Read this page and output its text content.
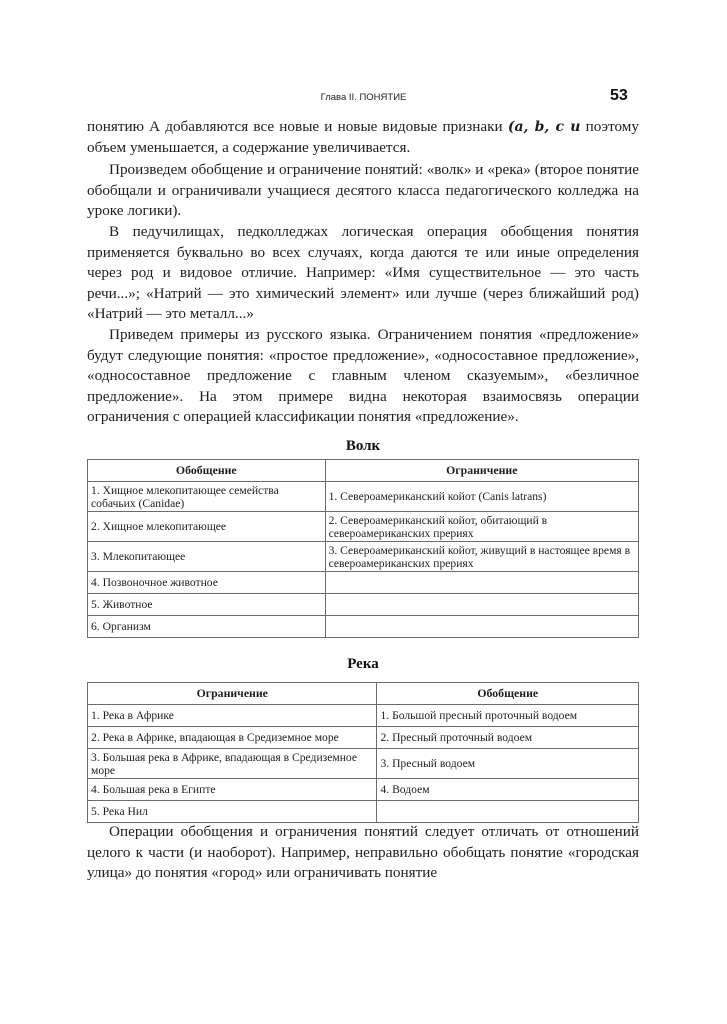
Глава II. ПОНЯТИЕ	53

понятию А добавляются все новые и новые видовые признаки (a, b, c и поэтому объем уменьшается, а содержание увеличивается.

Произведем обобщение и ограничение понятий: «волк» и «река» (второе понятие обобщали и ограничивали учащиеся десятого класса педагогического колледжа на уроке логики).

В педучилищах, педколледжах логическая операция обобщения понятия применяется буквально во всех случаях, когда даются те или иные определения через род и видовое отличие. Например: «Имя существительное — это часть речи...»; «Натрий — это химический элемент» или лучше (через ближайший род) «Натрий — это металл...»

Приведем примеры из русского языка. Ограничением понятия «предложение» будут следующие понятия: «простое предложение», «односоставное предложение», «односоставное предложение с главным членом сказуемым», «безличное предложение». На этом примере видна некоторая взаимосвязь операции ограничения с операцией классификации понятия «предложение».

Волк
Обобщение	Ограничение
1. Хищное млекопитающее семейства собачьих (Canidae)	1. Североамериканский койот (Canis latrans)
2. Хищное млекопитающее	2. Североамериканский койот, обитающий в североамериканских прериях
3. Млекопитающее	3. Североамериканский койот, живущий в настоящее время в североамериканских прериях
4. Позвоночное животное	
5. Животное	
6. Организм	
Река
Ограничение	Обобщение
1. Река в Африке	1. Большой пресный проточный водоем
2. Река в Африке, впадающая в Средиземное море	2. Пресный проточный водоем
3. Большая река в Африке, впадающая в Средиземное море	3. Пресный водоем
4. Большая река в Египте	4. Водоем
5. Река Нил	

Операции обобщения и ограничения понятий следует отличать от отношений целого к части (и наоборот). Например, неправильно обобщать понятие «городская улица» до понятия «город» или ограничивать понятие
